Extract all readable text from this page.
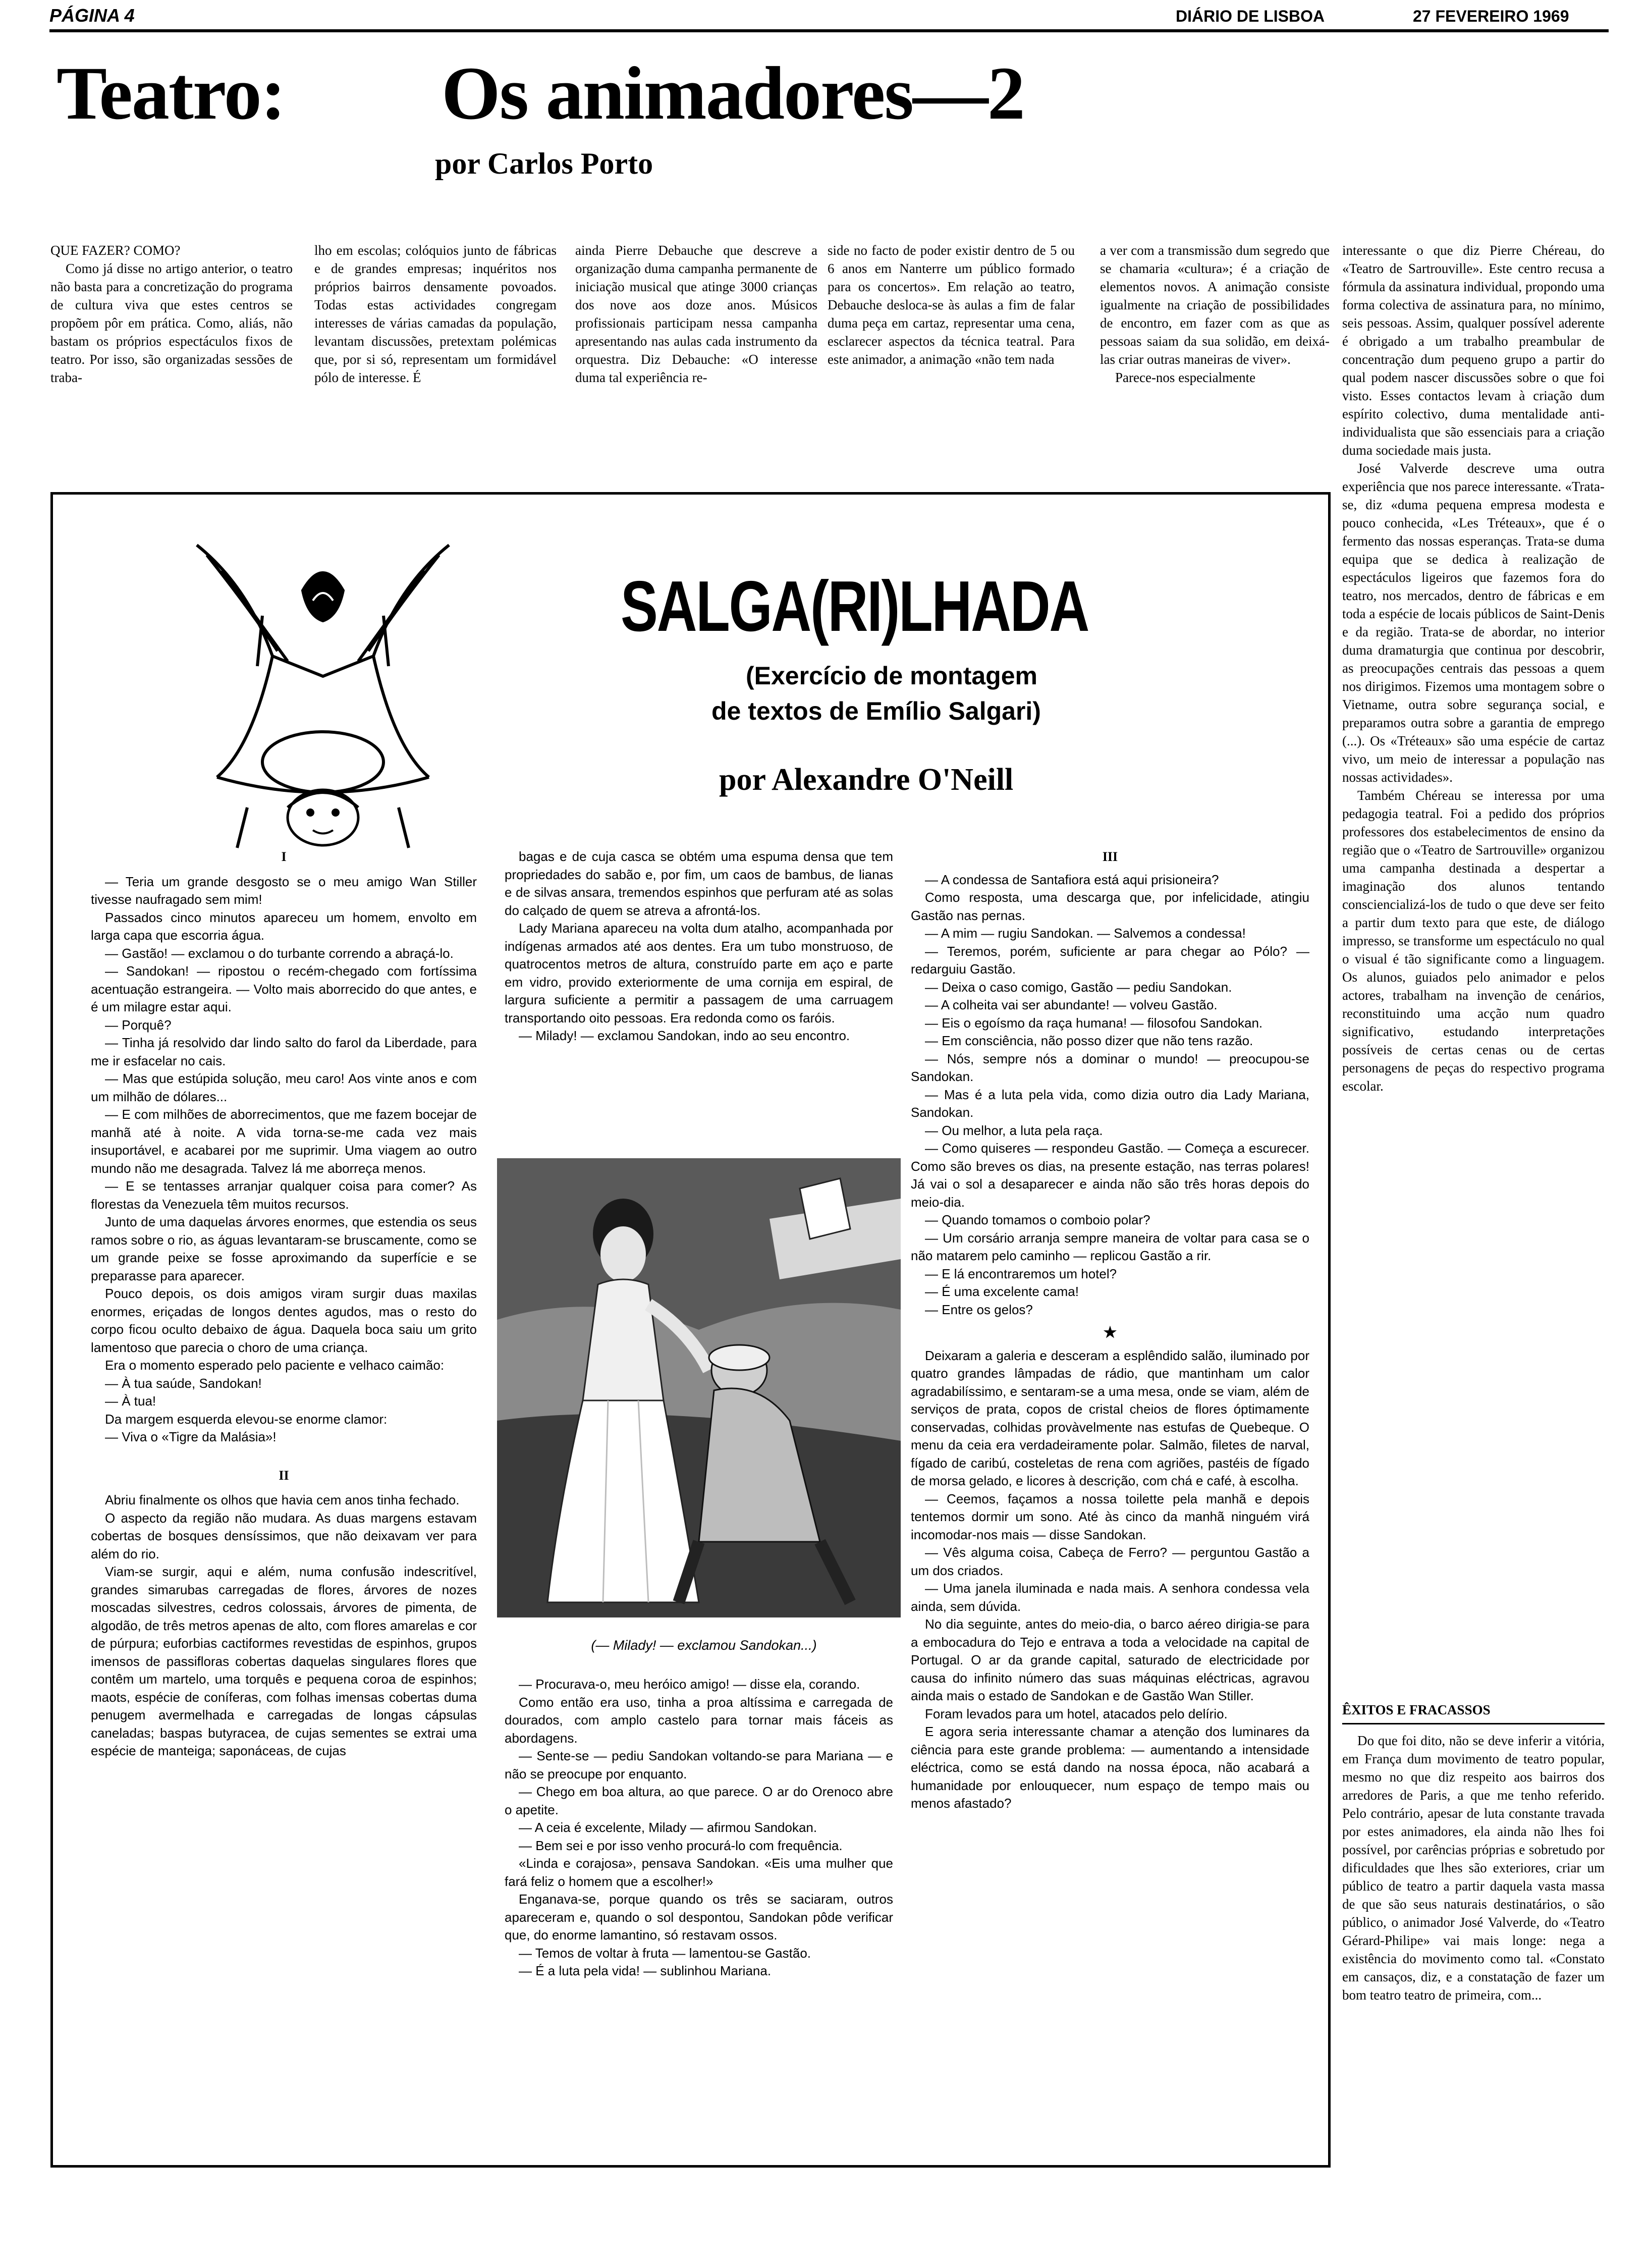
PÁGINA 4	DIÁRIO DE LISBOA	27 FEVEREIRO 1969
Teatro: Os animadores—2
por Carlos Porto

QUE FAZER? COMO?

Como já disse no artigo anterior, o teatro não basta para a concretização do programa de cultura viva que estes centros se propõem pôr em prática. Como, aliás, não bastam os próprios espectáculos fixos de teatro. Por isso, são organizadas sessões de traba-

lho em escolas; colóquios junto de fábricas e de grandes empresas; inquéritos nos próprios bairros densamente povoados. Todas estas actividades congregam interesses de várias camadas da população, levantam discussões, pretextam polémicas que, por si só, representam um formidável pólo de interesse. É

ainda Pierre Debauche que descreve a organização duma campanha permanente de iniciação musical que atinge 3000 crianças dos nove aos doze anos. Músicos profissionais participam nessa campanha apresentando nas aulas cada instrumento da orquestra. Diz Debauche: «O interesse duma tal experiência re-

side no facto de poder existir dentro de 5 ou 6 anos em Nanterre um público formado para os concertos». Em relação ao teatro, Debauche desloca-se às aulas a fim de falar duma peça em cartaz, representar uma cena, esclarecer aspectos da técnica teatral. Para este animador, a animação «não tem nada

a ver com a transmissão dum segredo que se chamaria «cultura»; é a criação de elementos novos. A animação consiste igualmente na criação de possibilidades de encontro, em fazer com as que as pessoas saiam da sua solidão, em deixá-las criar outras maneiras de viver».

Parece-nos especialmente

interessante o que diz Pierre Chéreau, do «Teatro de Sartrouville». Este centro recusa a fórmula da assinatura individual, propondo uma forma colectiva de assinatura para, no mínimo, seis pessoas. Assim, qualquer possível aderente é obrigado a um trabalho preambular de concentração dum pequeno grupo a partir do qual podem nascer discussões sobre o que foi visto. Esses contactos levam à criação dum espírito colectivo, duma mentalidade anti-individualista que são essenciais para a criação duma sociedade mais justa.

José Valverde descreve uma outra experiência que nos parece interessante. «Trata-se, diz «duma pequena empresa modesta e pouco conhecida, «Les Tréteaux», que é o fermento das nossas esperanças. Trata-se duma equipa que se dedica à realização de espectáculos ligeiros que fazemos fora do teatro, nos mercados, dentro de fábricas e em toda a espécie de locais públicos de Saint-Denis e da região. Trata-se de abordar, no interior duma dramaturgia que continua por descobrir, as preocupações centrais das pessoas a quem nos dirigimos. Fizemos uma montagem sobre o Vietname, outra sobre segurança social, e preparamos outra sobre a garantia de emprego (...). Os «Tréteaux» são uma espécie de cartaz vivo, um meio de interessar a população nas nossas actividades».

Também Chéreau se interessa por uma pedagogia teatral. Foi a pedido dos próprios professores dos estabelecimentos de ensino da região que o «Teatro de Sartrouville» organizou uma campanha destinada a despertar a imaginação dos alunos tentando consciencializá-los de tudo o que deve ser feito a partir dum texto para que este, de diálogo impresso, se transforme um espectáculo no qual o visual é tão significante como a linguagem. Os alunos, guiados pelo animador e pelos actores, trabalham na invenção de cenários, reconstituindo uma acção num quadro significativo, estudando interpretações possíveis de certas cenas ou de certas personagens de peças do respectivo programa escolar.

ÊXITOS E FRACASSOS

Do que foi dito, não se deve inferir a vitória, em França dum movimento de teatro popular, mesmo no que diz respeito aos bairros dos arredores de Paris, a que me tenho referido. Pelo contrário, apesar de luta constante travada por estes animadores, ela ainda não lhes foi possível, por carências próprias e sobretudo por dificuldades que lhes são exteriores, criar um público de teatro a partir daquela vasta massa de que são seus naturais destinatários, o são público, o animador José Valverde, do «Teatro Gérard-Philipe» vai mais longe: nega a existência do movimento como tal. «Constato em cansaços, diz, e a constatação de fazer um bom teatro teatro de primeira, com...

SALGA(RI)LHADA
(Exercício de montagem
de textos de Emílio Salgari)
por Alexandre O'Neill

I

— Teria um grande desgosto se o meu amigo Wan Stiller tivesse naufragado sem mim!

Passados cinco minutos apareceu um homem, envolto em larga capa que escorria água.

— Gastão! — exclamou o do turbante correndo a abraçá-lo.

— Sandokan! — ripostou o recém-chegado com fortíssima acentuação estrangeira. — Volto mais aborrecido do que antes, e é um milagre estar aqui.

— Porquê?

— Tinha já resolvido dar lindo salto do farol da Liberdade, para me ir esfacelar no cais.

— Mas que estúpida solução, meu caro! Aos vinte anos e com um milhão de dólares...

— E com milhões de aborrecimentos, que me fazem bocejar de manhã até à noite. A vida torna-se-me cada vez mais insuportável, e acabarei por me suprimir. Uma viagem ao outro mundo não me desagrada. Talvez lá me aborreça menos.

— E se tentasses arranjar qualquer coisa para comer? As florestas da Venezuela têm muitos recursos.

Junto de uma daquelas árvores enormes, que estendia os seus ramos sobre o rio, as águas levantaram-se bruscamente, como se um grande peixe se fosse aproximando da superfície e se preparasse para aparecer.

Pouco depois, os dois amigos viram surgir duas maxilas enormes, eriçadas de longos dentes agudos, mas o resto do corpo ficou oculto debaixo de água. Daquela boca saiu um grito lamentoso que parecia o choro de uma criança.

Era o momento esperado pelo paciente e velhaco caimão:

— À tua saúde, Sandokan!

— À tua!

Da margem esquerda elevou-se enorme clamor:

— Viva o «Tigre da Malásia»!

II

Abriu finalmente os olhos que havia cem anos tinha fechado.

O aspecto da região não mudara. As duas margens estavam cobertas de bosques densíssimos, que não deixavam ver para além do rio.

Viam-se surgir, aqui e além, numa confusão indescritível, grandes simarubas carregadas de flores, árvores de nozes moscadas silvestres, cedros colossais, árvores de pimenta, de algodão, de três metros apenas de alto, com flores amarelas e cor de púrpura; euforbias cactiformes revestidas de espinhos, grupos imensos de passifloras cobertas daquelas singulares flores que contêm um martelo, uma torquês e pequena coroa de espinhos; maots, espécie de coníferas, com folhas imensas cobertas duma penugem avermelhada e carregadas de longas cápsulas caneladas; baspas butyracea, de cujas sementes se extrai uma espécie de manteiga; saponáceas, de cujas

bagas e de cuja casca se obtém uma espuma densa que tem propriedades do sabão e, por fim, um caos de bambus, de lianas e de silvas ansara, tremendos espinhos que perfuram até as solas do calçado de quem se atreva a afrontá-los.

Lady Mariana apareceu na volta dum atalho, acompanhada por indígenas armados até aos dentes. Era um tubo monstruoso, de quatrocentos metros de altura, construído parte em aço e parte em vidro, provido exteriormente de uma cornija em espiral, de largura suficiente a permitir a passagem de uma carruagem transportando oito pessoas. Era redonda como os faróis.

— Milady! — exclamou Sandokan, indo ao seu encontro.

(— Milady! — exclamou Sandokan...)

— Procurava-o, meu heróico amigo! — disse ela, corando.

Como então era uso, tinha a proa altíssima e carregada de dourados, com amplo castelo para tornar mais fáceis as abordagens.

— Sente-se — pediu Sandokan voltando-se para Mariana — e não se preocupe por enquanto.

— Chego em boa altura, ao que parece. O ar do Orenoco abre o apetite.

— A ceia é excelente, Milady — afirmou Sandokan.

— Bem sei e por isso venho procurá-lo com frequência.

«Linda e corajosa», pensava Sandokan. «Eis uma mulher que fará feliz o homem que a escolher!»

Enganava-se, porque quando os três se saciaram, outros apareceram e, quando o sol despontou, Sandokan pôde verificar que, do enorme lamantino, só restavam ossos.

— Temos de voltar à fruta — lamentou-se Gastão.

— É a luta pela vida! — sublinhou Mariana.

III

— A condessa de Santafiora está aqui prisioneira?

Como resposta, uma descarga que, por infelicidade, atingiu Gastão nas pernas.

— A mim — rugiu Sandokan. — Salvemos a condessa!

— Teremos, porém, suficiente ar para chegar ao Pólo? — redarguiu Gastão.

— Deixa o caso comigo, Gastão — pediu Sandokan.

— A colheita vai ser abundante! — volveu Gastão.

— Eis o egoísmo da raça humana! — filosofou Sandokan.

— Em consciência, não posso dizer que não tens razão.

— Nós, sempre nós a dominar o mundo! — preocupou-se Sandokan.

— Mas é a luta pela vida, como dizia outro dia Lady Mariana, Sandokan.

— Ou melhor, a luta pela raça.

— Como quiseres — respondeu Gastão. — Começa a escurecer. Como são breves os dias, na presente estação, nas terras polares! Já vai o sol a desaparecer e ainda não são três horas depois do meio-dia.

— Quando tomamos o comboio polar?

— Um corsário arranja sempre maneira de voltar para casa se o não matarem pelo caminho — replicou Gastão a rir.

— E lá encontraremos um hotel?

— É uma excelente cama!

— Entre os gelos?

★

Deixaram a galeria e desceram a esplêndido salão, iluminado por quatro grandes lâmpadas de rádio, que mantinham um calor agradabilíssimo, e sentaram-se a uma mesa, onde se viam, além de serviços de prata, copos de cristal cheios de flores óptimamente conservadas, colhidas provàvelmente nas estufas de Quebeque. O menu da ceia era verdadeiramente polar. Salmão, filetes de narval, fígado de caribú, costeletas de rena com agriões, pastéis de fígado de morsa gelado, e licores à descrição, com chá e café, à escolha.

— Ceemos, façamos a nossa toilette pela manhã e depois tentemos dormir um sono. Até às cinco da manhã ninguém virá incomodar-nos mais — disse Sandokan.

— Vês alguma coisa, Cabeça de Ferro? — perguntou Gastão a um dos criados.

— Uma janela iluminada e nada mais. A senhora condessa vela ainda, sem dúvida.

No dia seguinte, antes do meio-dia, o barco aéreo dirigia-se para a embocadura do Tejo e entrava a toda a velocidade na capital de Portugal. O ar da grande capital, saturado de electricidade por causa do infinito número das suas máquinas eléctricas, agravou ainda mais o estado de Sandokan e de Gastão Wan Stiller.

Foram levados para um hotel, atacados pelo delírio.

E agora seria interessante chamar a atenção dos luminares da ciência para este grande problema: — aumentando a intensidade eléctrica, como se está dando na nossa época, não acabará a humanidade por enlouquecer, num espaço de tempo mais ou menos afastado?
